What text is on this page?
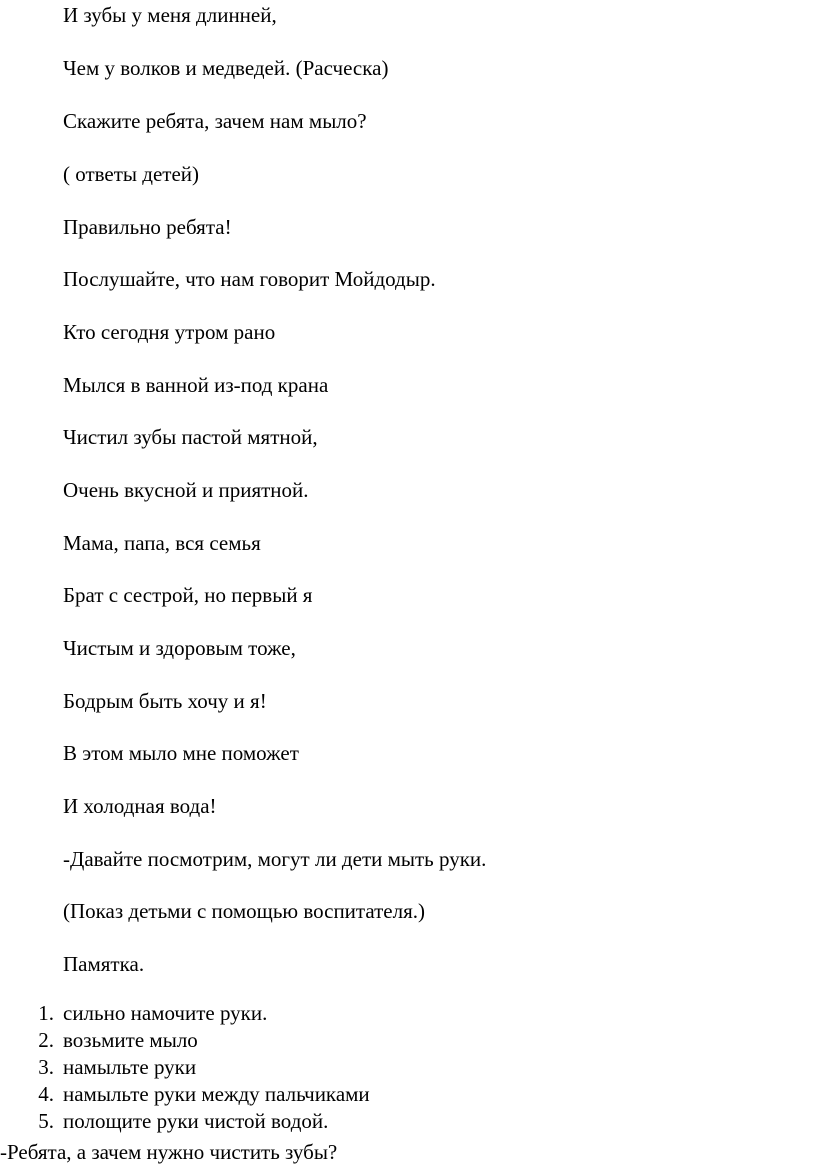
И зубы у меня длинней,

Чем у волков и медведей. (Расческа)

Скажите ребята, зачем нам мыло?

( ответы детей)

Правильно ребята!

Послушайте, что нам говорит Мойдодыр.

Кто сегодня утром рано

Мылся в ванной из-под крана

Чистил зубы пастой мятной,

Очень вкусной и приятной.

Мама, папа, вся семья

Брат с сестрой, но первый я

Чистым и здоровым тоже,

Бодрым быть хочу и я!

В этом мыло мне поможет

И холодная вода!

-Давайте посмотрим, могут ли дети мыть руки.

(Показ детьми с помощью воспитателя.)

Памятка.

1. сильно намочите руки.
2. возьмите мыло
3. намыльте руки
4. намыльте руки между пальчиками
5. полощите руки чистой водой.

-Ребята, а зачем нужно чистить зубы?
